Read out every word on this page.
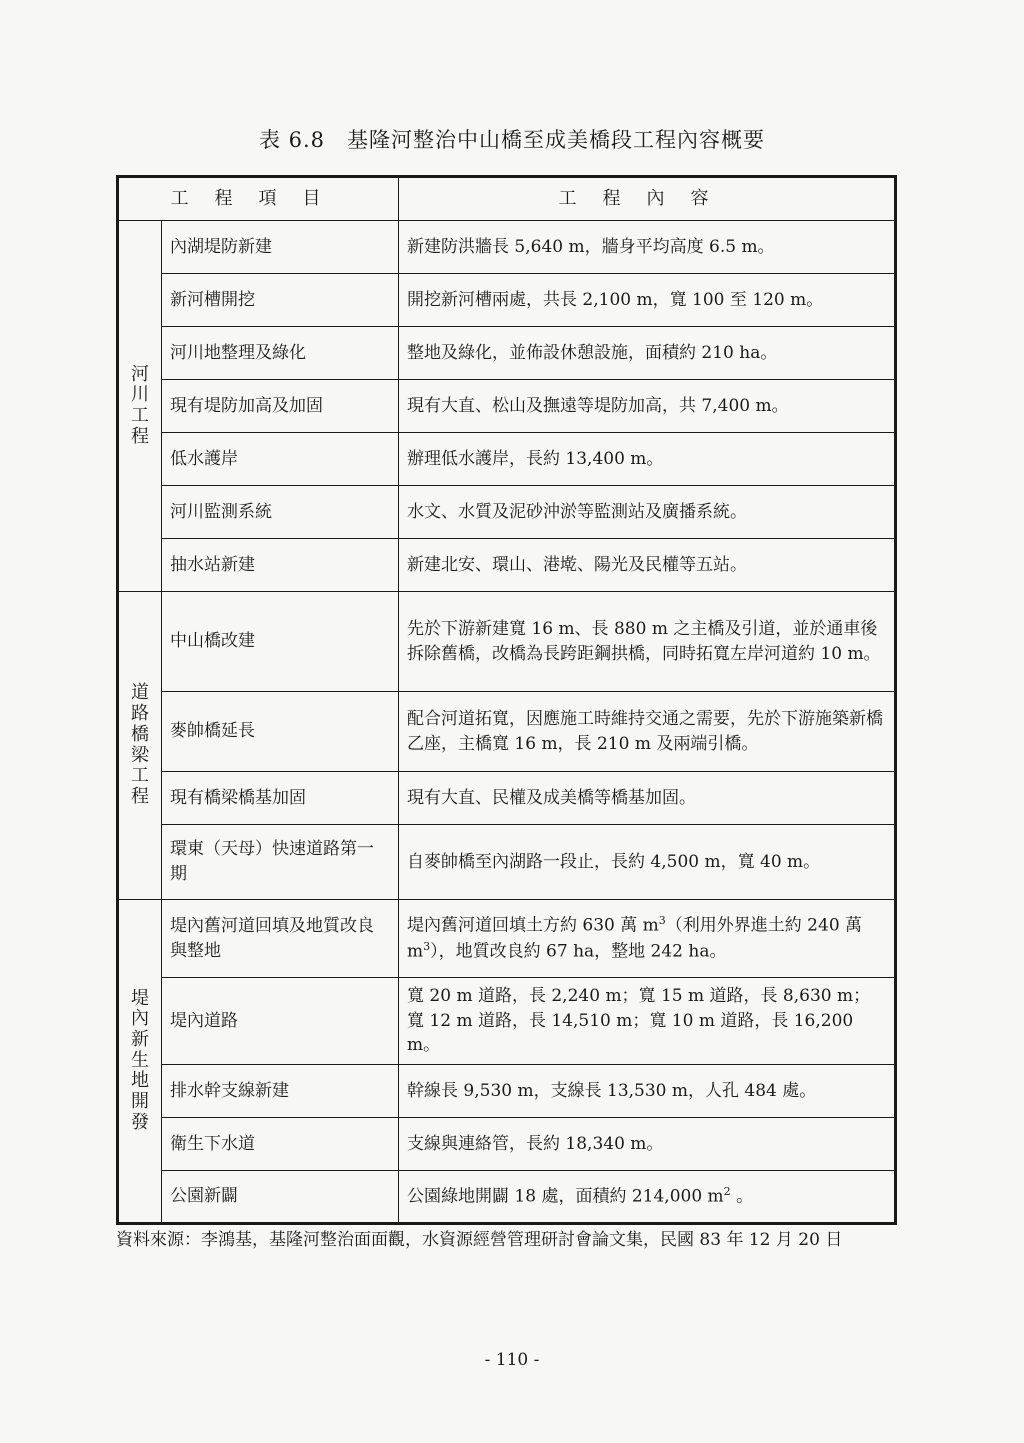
表 6.8 基隆河整治中山橋至成美橋段工程內容概要
工程項目		工程內容
河川工程	內湖堤防新建	新建防洪牆長 5,640 m，牆身平均高度 6.5 m。
	新河槽開挖	開挖新河槽兩處，共長 2,100 m，寬 100 至 120 m。
	河川地整理及綠化	整地及綠化，並佈設休憩設施，面積約 210 ha。
	現有堤防加高及加固	現有大直、松山及撫遠等堤防加高，共 7,400 m。
	低水護岸	辦理低水護岸，長約 13,400 m。
	河川監測系統	水文、水質及泥砂沖淤等監測站及廣播系統。
	抽水站新建	新建北安、環山、港墘、陽光及民權等五站。
道路橋梁工程	中山橋改建	先於下游新建寬 16 m、長 880 m 之主橋及引道，並於通車後拆除舊橋，改橋為長跨距鋼拱橋，同時拓寬左岸河道約 10 m。
	麥帥橋延長	配合河道拓寬，因應施工時維持交通之需要，先於下游施築新橋乙座，主橋寬 16 m，長 210 m 及兩端引橋。
	現有橋梁橋基加固	現有大直、民權及成美橋等橋基加固。
	環東（天母）快速道路第一期	自麥帥橋至內湖路一段止，長約 4,500 m，寬 40 m。
堤內新生地開發	堤內舊河道回填及地質改良與整地	堤內舊河道回填土方約 630 萬 $m^3$（利用外界進土約 240 萬 $m^3$），地質改良約 67 ha，整地 242 ha。
	堤內道路	寬 20 m 道路，長 2,240 m；寬 15 m 道路，長 8,630 m；寬 12 m 道路，長 14,510 m；寬 10 m 道路，長 16,200 m。
	排水幹支線新建	幹線長 9,530 m，支線長 13,530 m，人孔 484 處。
	衛生下水道	支線與連絡管，長約 18,340 m。
	公園新闢	公園綠地開闢 18 處，面積約 214,000 $m^2$ 。
資料來源：李鴻基，基隆河整治面面觀，水資源經營管理研討會論文集，民國 83 年 12 月 20 日
- 110 -
